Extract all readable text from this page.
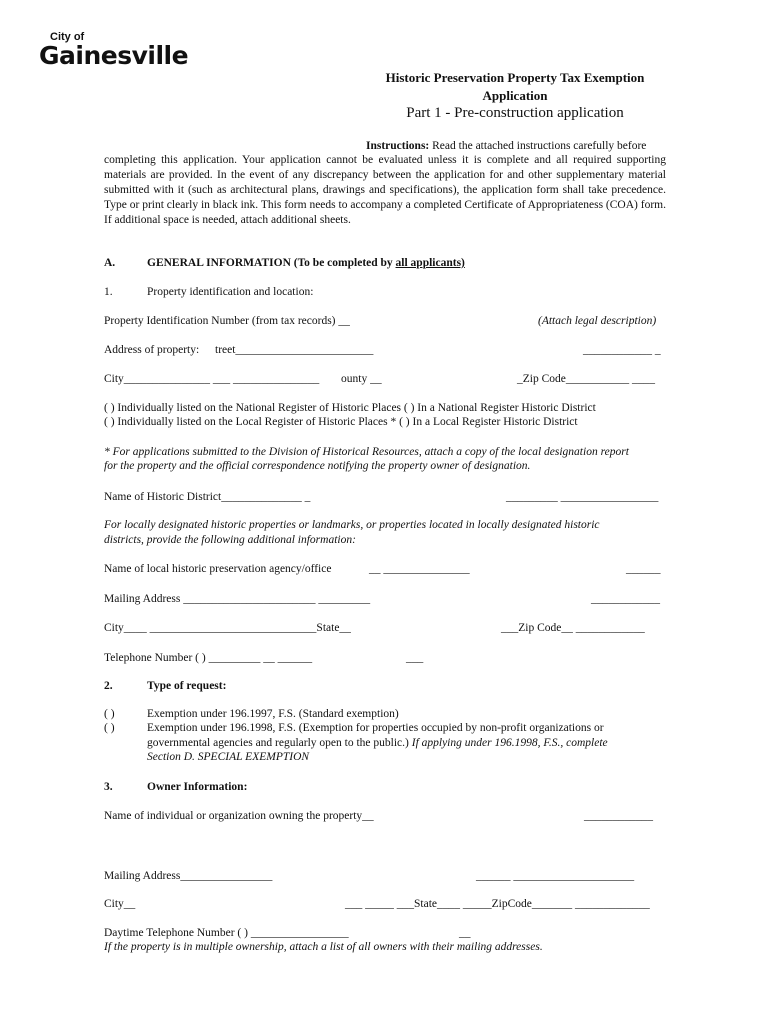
City of
Gainesville
Historic Preservation Property Tax Exemption
Application
Part 1 - Pre-construction application
Instructions: Read the attached instructions carefully before

completing this application. Your application cannot be evaluated unless it is complete and all required supporting materials are provided. In the event of any discrepancy between the application for and other supplementary material submitted with it (such as architectural plans, drawings and specifications), the application form shall take precedence. Type or print clearly in black ink. This form needs to accompany a completed Certificate of Appropriateness (COA) form. If additional space is needed, attach additional sheets.

A.	GENERAL INFORMATION (To be completed by all applicants)
1.	Property identification and location:
Property Identification Number (from tax records) __	(Attach legal description)
Address of property: treet________________________	____________ _
City_______________ ___ _______________ ounty __	_Zip Code___________ ____
( ) Individually listed on the National Register of Historic Places ( ) In a National Register Historic District
( ) Individually listed on the Local Register of Historic Places * ( ) In a Local Register Historic District
* For applications submitted to the Division of Historical Resources, attach a copy of the local designation report
for the property and the official correspondence notifying the property owner of designation.
Name of Historic District______________ _	_________ _________________
For locally designated historic properties or landmarks, or properties located in locally designated historic
districts, provide the following additional information:
Name of local historic preservation agency/office	__ _______________	______
Mailing Address _______________________ _________	____________
City____ _____________________________State__	___Zip Code__ ____________
Telephone Number ( ) _________ __ ______	___
2.	Type of request:
( )	Exemption under 196.1997, F.S. (Standard exemption)
( )	Exemption under 196.1998, F.S. (Exemption for properties occupied by non-profit organizations or
governmental agencies and regularly open to the public.) If applying under 196.1998, F.S., complete
Section D. SPECIAL EXEMPTION
3.	Owner Information:
Name of individual or organization owning the property__	____________
Mailing Address________________	______ _____________________
City__	___ _____ ___State____ _____ZipCode_______ _____________
Daytime Telephone Number ( ) _________________	__
If the property is in multiple ownership, attach a list of all owners with their mailing addresses.
